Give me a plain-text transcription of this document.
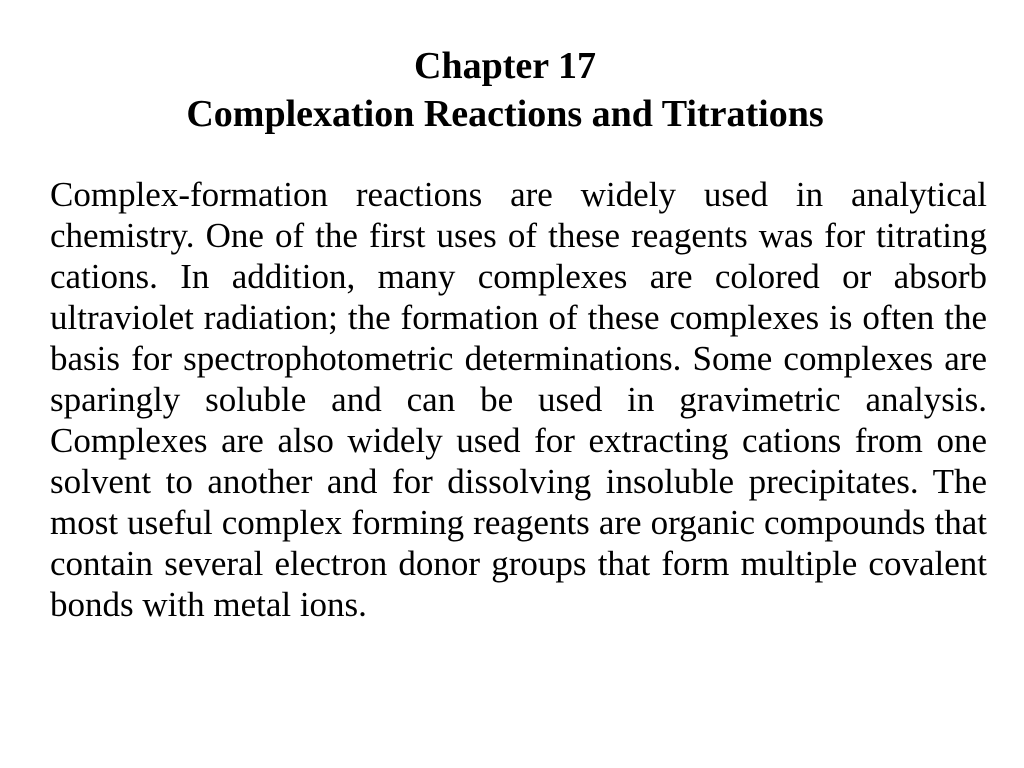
Chapter 17
Complexation Reactions and Titrations

Complex-formation reactions are widely used in analytical chemistry. One of the first uses of these reagents was for titrating cations. In addition, many complexes are colored or absorb ultraviolet radiation; the formation of these complexes is often the basis for spectrophotometric determinations. Some complexes are sparingly soluble and can be used in gravimetric analysis. Complexes are also widely used for extracting cations from one solvent to another and for dissolving insoluble precipitates. The most useful complex forming reagents are organic compounds that contain several electron donor groups that form multiple covalent bonds with metal ions.
